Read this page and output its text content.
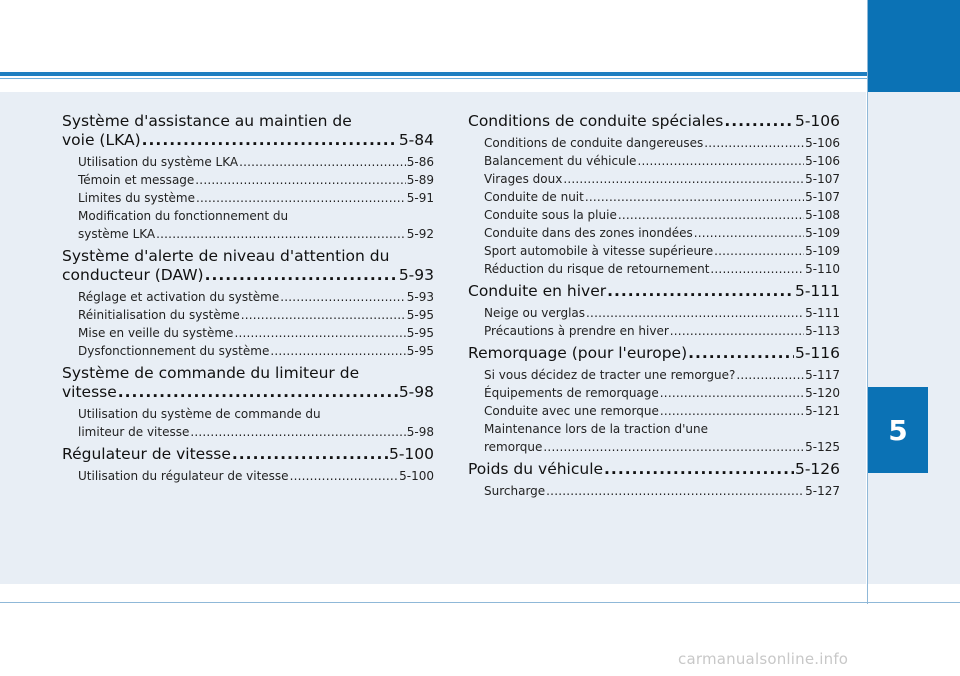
5
Système d'assistance au maintien de
voie (LKA) .....	5-84
Utilisation du système LKA .....	5-86
Témoin et message .....	5-89
Limites du système .....	5-91
Modification du fonctionnement du
système LKA .....	5-92
Système d'alerte de niveau d'attention du
conducteur (DAW) .....	5-93
Réglage et activation du système .....	5-93
Réinitialisation du système .....	5-95
Mise en veille du système .....	5-95
Dysfonctionnement du système .....	5-95
Système de commande du limiteur de
vitesse .....	5-98
Utilisation du système de commande du
limiteur de vitesse .....	5-98
Régulateur de vitesse .....	5-100
Utilisation du régulateur de vitesse .....	5-100
Conditions de conduite spéciales .....	5-106
Conditions de conduite dangereuses .....	5-106
Balancement du véhicule .....	5-106
Virages doux .....	5-107
Conduite de nuit .....	5-107
Conduite sous la pluie .....	5-108
Conduite dans des zones inondées .....	5-109
Sport automobile à vitesse supérieure .....	5-109
Réduction du risque de retournement .....	5-110
Conduite en hiver .....	5-111
Neige ou verglas .....	5-111
Précautions à prendre en hiver .....	5-113
Remorquage (pour l'europe) .....	5-116
Si vous décidez de tracter une remorgue? .....	5-117
Équipements de remorquage .....	5-120
Conduite avec une remorque .....	5-121
Maintenance lors de la traction d'une
remorque .....	5-125
Poids du véhicule .....	5-126
Surcharge .....	5-127
carmanualsonline.info
